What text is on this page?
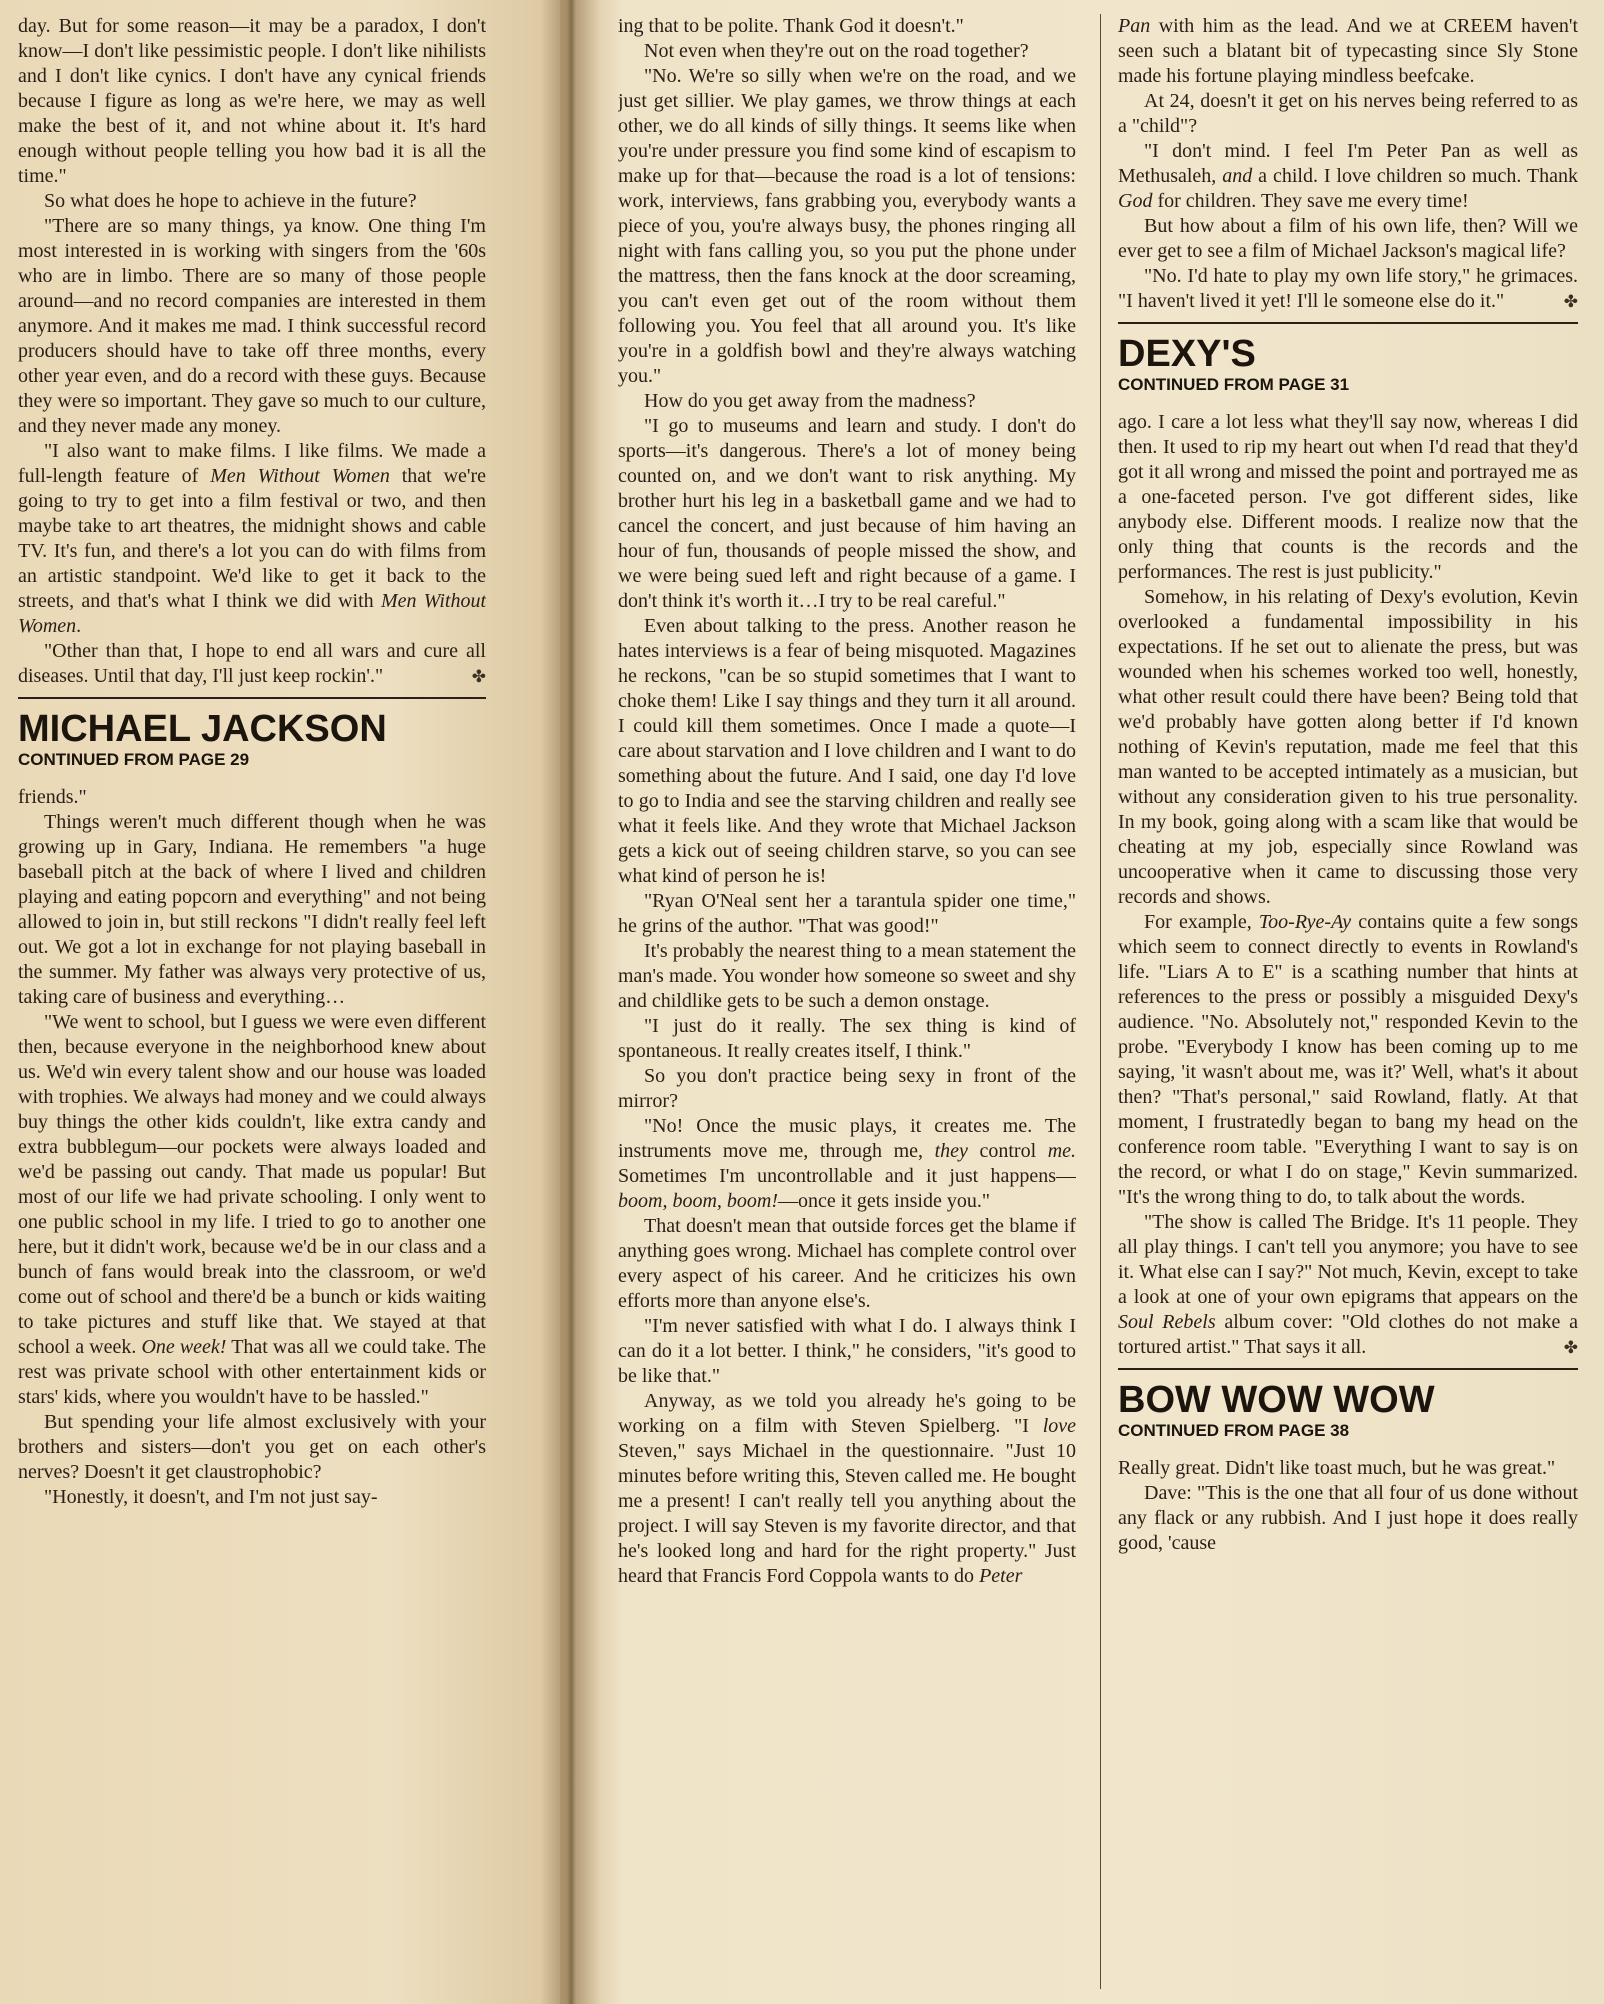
day. But for some reason—it may be a paradox, I don't know—I don't like pessimistic people. I don't like nihilists and I don't like cynics. I don't have any cynical friends because I figure as long as we're here, we may as well make the best of it, and not whine about it. It's hard enough without people telling you how bad it is all the time."

So what does he hope to achieve in the future?

"There are so many things, ya know. One thing I'm most interested in is working with singers from the '60s who are in limbo. There are so many of those people around—and no record companies are interested in them anymore. And it makes me mad. I think successful record producers should have to take off three months, every other year even, and do a record with these guys. Because they were so important. They gave so much to our culture, and they never made any money.

"I also want to make films. I like films. We made a full-length feature of Men Without Women that we're going to try to get into a film festival or two, and then maybe take to art theatres, the midnight shows and cable TV. It's fun, and there's a lot you can do with films from an artistic standpoint. We'd like to get it back to the streets, and that's what I think we did with Men Without Women.

"Other than that, I hope to end all wars and cure all diseases. Until that day, I'll just keep rockin'."	✤

MICHAEL JACKSON
CONTINUED FROM PAGE 29

friends."

Things weren't much different though when he was growing up in Gary, Indiana. He remembers "a huge baseball pitch at the back of where I lived and children playing and eating popcorn and everything" and not being allowed to join in, but still reckons "I didn't really feel left out. We got a lot in exchange for not playing baseball in the summer. My father was always very protective of us, taking care of business and everything…

"We went to school, but I guess we were even different then, because everyone in the neighborhood knew about us. We'd win every talent show and our house was loaded with trophies. We always had money and we could always buy things the other kids couldn't, like extra candy and extra bubblegum—our pockets were always loaded and we'd be passing out candy. That made us popular! But most of our life we had private schooling. I only went to one public school in my life. I tried to go to another one here, but it didn't work, because we'd be in our class and a bunch of fans would break into the classroom, or we'd come out of school and there'd be a bunch or kids waiting to take pictures and stuff like that. We stayed at that school a week. One week! That was all we could take. The rest was private school with other entertainment kids or stars' kids, where you wouldn't have to be hassled."

But spending your life almost exclusively with your brothers and sisters—don't you get on each other's nerves? Doesn't it get claustrophobic?

"Honestly, it doesn't, and I'm not just say-

ing that to be polite. Thank God it doesn't."

Not even when they're out on the road together?

"No. We're so silly when we're on the road, and we just get sillier. We play games, we throw things at each other, we do all kinds of silly things. It seems like when you're under pressure you find some kind of escapism to make up for that—because the road is a lot of tensions: work, interviews, fans grabbing you, everybody wants a piece of you, you're always busy, the phones ringing all night with fans calling you, so you put the phone under the mattress, then the fans knock at the door screaming, you can't even get out of the room without them following you. You feel that all around you. It's like you're in a goldfish bowl and they're always watching you."

How do you get away from the madness?

"I go to museums and learn and study. I don't do sports—it's dangerous. There's a lot of money being counted on, and we don't want to risk anything. My brother hurt his leg in a basketball game and we had to cancel the concert, and just because of him having an hour of fun, thousands of people missed the show, and we were being sued left and right because of a game. I don't think it's worth it…I try to be real careful."

Even about talking to the press. Another reason he hates interviews is a fear of being misquoted. Magazines he reckons, "can be so stupid sometimes that I want to choke them! Like I say things and they turn it all around. I could kill them sometimes. Once I made a quote—I care about starvation and I love children and I want to do something about the future. And I said, one day I'd love to go to India and see the starving children and really see what it feels like. And they wrote that Michael Jackson gets a kick out of seeing children starve, so you can see what kind of person he is!

"Ryan O'Neal sent her a tarantula spider one time," he grins of the author. "That was good!"

It's probably the nearest thing to a mean statement the man's made. You wonder how someone so sweet and shy and childlike gets to be such a demon onstage.

"I just do it really. The sex thing is kind of spontaneous. It really creates itself, I think."

So you don't practice being sexy in front of the mirror?

"No! Once the music plays, it creates me. The instruments move me, through me, they control me. Sometimes I'm uncontrollable and it just happens—boom, boom, boom!—once it gets inside you."

That doesn't mean that outside forces get the blame if anything goes wrong. Michael has complete control over every aspect of his career. And he criticizes his own efforts more than anyone else's.

"I'm never satisfied with what I do. I always think I can do it a lot better. I think," he considers, "it's good to be like that."

Anyway, as we told you already he's going to be working on a film with Steven Spielberg. "I love Steven," says Michael in the questionnaire. "Just 10 minutes before writing this, Steven called me. He bought me a present! I can't really tell you anything about the project. I will say Steven is my favorite director, and that he's looked long and hard for the right property." Just heard that Francis Ford Coppola wants to do Peter

Pan with him as the lead. And we at CREEM haven't seen such a blatant bit of typecasting since Sly Stone made his fortune playing mindless beefcake.

At 24, doesn't it get on his nerves being referred to as a "child"?

"I don't mind. I feel I'm Peter Pan as well as Methusaleh, and a child. I love children so much. Thank God for children. They save me every time!

But how about a film of his own life, then? Will we ever get to see a film of Michael Jackson's magical life?

"No. I'd hate to play my own life story," he grimaces. "I haven't lived it yet! I'll le someone else do it."	✤

DEXY'S
CONTINUED FROM PAGE 31

ago. I care a lot less what they'll say now, whereas I did then. It used to rip my heart out when I'd read that they'd got it all wrong and missed the point and portrayed me as a one-faceted person. I've got different sides, like anybody else. Different moods. I realize now that the only thing that counts is the records and the performances. The rest is just publicity."

Somehow, in his relating of Dexy's evolution, Kevin overlooked a fundamental impossibility in his expectations. If he set out to alienate the press, but was wounded when his schemes worked too well, honestly, what other result could there have been? Being told that we'd probably have gotten along better if I'd known nothing of Kevin's reputation, made me feel that this man wanted to be accepted intimately as a musician, but without any consideration given to his true personality. In my book, going along with a scam like that would be cheating at my job, especially since Rowland was uncooperative when it came to discussing those very records and shows.

For example, Too-Rye-Ay contains quite a few songs which seem to connect directly to events in Rowland's life. "Liars A to E" is a scathing number that hints at references to the press or possibly a misguided Dexy's audience. "No. Absolutely not," responded Kevin to the probe. "Everybody I know has been coming up to me saying, 'it wasn't about me, was it?' Well, what's it about then? "That's personal," said Rowland, flatly. At that moment, I frustratedly began to bang my head on the conference room table. "Everything I want to say is on the record, or what I do on stage," Kevin summarized. "It's the wrong thing to do, to talk about the words.

"The show is called The Bridge. It's 11 people. They all play things. I can't tell you anymore; you have to see it. What else can I say?" Not much, Kevin, except to take a look at one of your own epigrams that appears on the Soul Rebels album cover: "Old clothes do not make a tortured artist." That says it all.	✤

BOW WOW WOW
CONTINUED FROM PAGE 38

Really great. Didn't like toast much, but he was great."

Dave: "This is the one that all four of us done without any flack or any rubbish. And I just hope it does really good, 'cause
